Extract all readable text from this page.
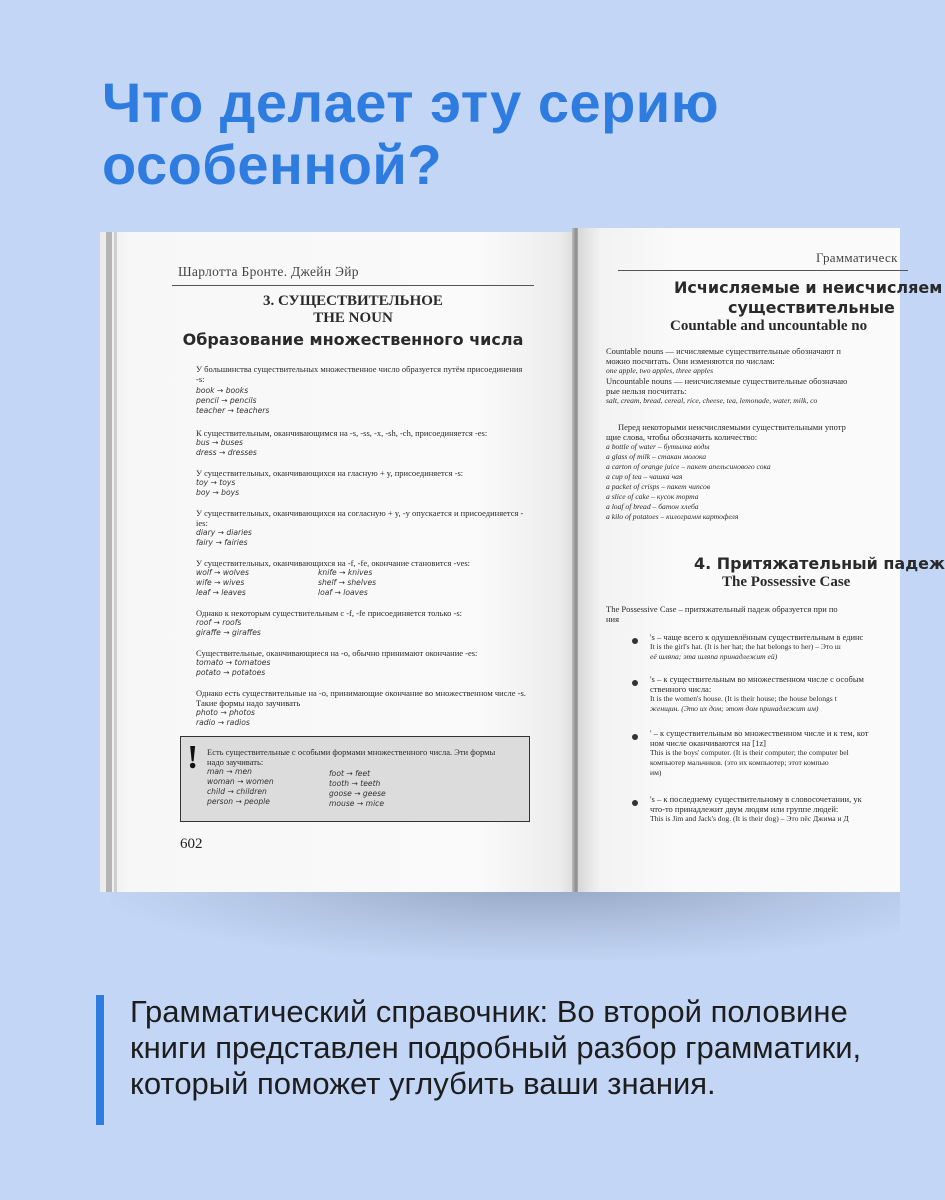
Что делает эту серию особенной?
Шарлотта Бронте. Джейн Эйр
3. СУЩЕСТВИТЕЛЬНОЕ
THE NOUN
Образование множественного числа
У большинства существительных множественное число образуется путём присоединения -s:
book → books
pencil → pencils
teacher → teachers
К существительным, оканчивающимся на -s, -ss, -x, -sh, -ch, присоединяется -es:
bus → buses
dress → dresses
У существительных, оканчивающихся на гласную + y, присоединяется -s:
toy → toys
boy → boys
У существительных, оканчивающихся на согласную + y, -y опускается и присоединяется -ies:
diary → diaries
fairy → fairies
У существительных, оканчивающихся на -f, -fe, окончание становится -ves:
wolf → wolves
wife → wives
leaf → leaves
knife → knives
shelf → shelves
loaf → loaves
Однако к некоторым существительным с -f, -fe присоединяется только -s:
roof → roofs
giraffe → giraffes
Существительные, оканчивающиеся на -o, обычно принимают окончание -es:
tomato → tomatoes
potato → potatoes
Однако есть существительные на -o, принимающие окончание во множественном числе -s. Такие формы надо заучивать
photo → photos
radio → radios
! Есть существительные с особыми формами множественного числа. Эти формы надо заучивать:
man → men
woman → women
child → children
person → people
foot → feet
tooth → teeth
goose → geese
mouse → mice
602
Грамматическ
Исчисляемые и неисчисляем
существительные
Countable and uncountable no
Countable nouns — исчисляемые существительные обозначают п
можно посчитать. Они изменяются по числам:
one apple, two apples, three apples
Uncountable nouns — неисчисляемые существительные обозначаю
рые нельзя посчитать:
salt, cream, bread, cereal, rice, cheese, tea, lemonade, water, milk, co
Перед некоторыми неисчисляемыми существительными употр
щие слова, чтобы обозначить количество:
a bottle of water – бутылка воды
a glass of milk – стакан молока
a carton of orange juice – пакет апельсинового сока
a cup of tea – чашка чая
a packet of crisps – пакет чипсов
a slice of cake – кусок торта
a loaf of bread – батон хлеба
a kilo of potatoes – килограмм картофеля
4. Притяжательный падеж
The Possessive Case
The Possessive Case – притяжательный падеж образуется при по
ния
's – чаще всего к одушевлённым существительным в единс
It is the girl's hat. (It is her hat; the hat belongs to her) – Это ш
её шляпа; эта шляпа принадлежит ей)
's – к существительным во множественном числе с особым
ственного числа:
It is the women's house. (It is their house; the house belongs t
женщин. (Это их дом; этот дом принадлежит им)
' – к существительным во множественном числе и к тем, кот
ном числе оканчиваются на [1z]
This is the boys' computer. (It is their computer; the computer bel
компьютер мальчиков. (это их компьютер; этот компью
им)
's – к последнему существительному в словосочетании, ук
что-то принадлежит двум людям или группе людей:
This is Jim and Jack's dog. (It is their dog) – Это пёс Джима и Д
Грамматический справочник: Во второй половине книги представлен подробный разбор грамматики, который поможет углубить ваши знания.
